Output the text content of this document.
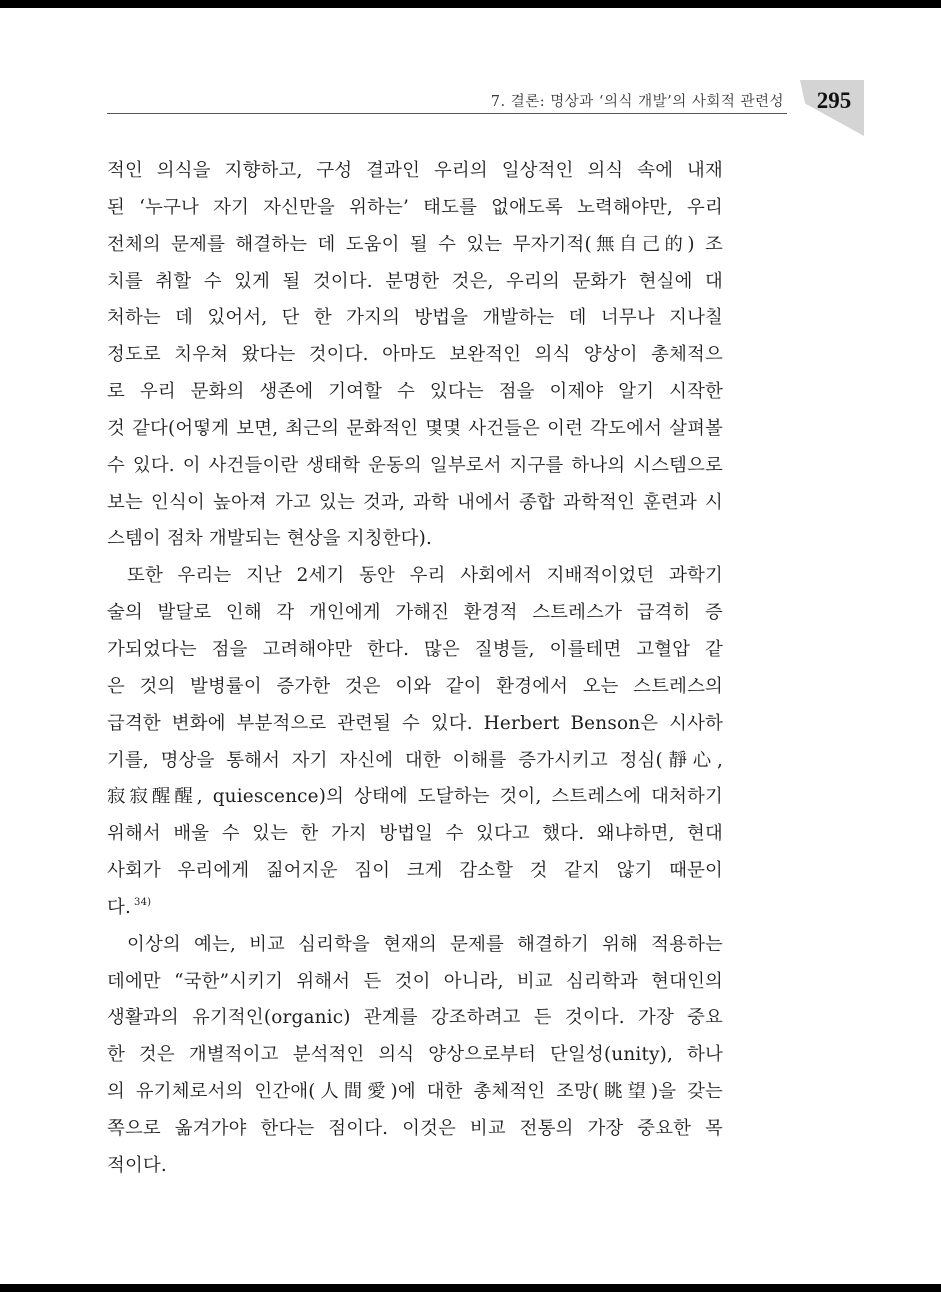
7. 결론: 명상과 ‘의식 개발’의 사회적 관련성	295
적인 의식을 지향하고, 구성 결과인 우리의 일상적인 의식 속에 내재
된 ‘누구나 자기 자신만을 위하는’ 태도를 없애도록 노력해야만, 우리
전체의 문제를 해결하는 데 도움이 될 수 있는 무자기적(無自己的) 조
치를 취할 수 있게 될 것이다. 분명한 것은, 우리의 문화가 현실에 대
처하는 데 있어서, 단 한 가지의 방법을 개발하는 데 너무나 지나칠
정도로 치우쳐 왔다는 것이다. 아마도 보완적인 의식 양상이 총체적으
로 우리 문화의 생존에 기여할 수 있다는 점을 이제야 알기 시작한
것 같다(어떻게 보면, 최근의 문화적인 몇몇 사건들은 이런 각도에서 살펴볼
수 있다. 이 사건들이란 생태학 운동의 일부로서 지구를 하나의 시스템으로
보는 인식이 높아져 가고 있는 것과, 과학 내에서 종합 과학적인 훈련과 시
스템이 점차 개발되는 현상을 지칭한다).
또한 우리는 지난 2세기 동안 우리 사회에서 지배적이었던 과학기
술의 발달로 인해 각 개인에게 가해진 환경적 스트레스가 급격히 증
가되었다는 점을 고려해야만 한다. 많은 질병들, 이를테면 고혈압 같
은 것의 발병률이 증가한 것은 이와 같이 환경에서 오는 스트레스의
급격한 변화에 부분적으로 관련될 수 있다. Herbert Benson은 시사하
기를, 명상을 통해서 자기 자신에 대한 이해를 증가시키고 정심(靜心,
寂寂醒醒, quiescence)의 상태에 도달하는 것이, 스트레스에 대처하기
위해서 배울 수 있는 한 가지 방법일 수 있다고 했다. 왜냐하면, 현대
사회가 우리에게 짊어지운 짐이 크게 감소할 것 같지 않기 때문이
다. $^{34)}$
이상의 예는, 비교 심리학을 현재의 문제를 해결하기 위해 적용하는
데에만 “국한”시키기 위해서 든 것이 아니라, 비교 심리학과 현대인의
생활과의 유기적인(organic) 관계를 강조하려고 든 것이다. 가장 중요
한 것은 개별적이고 분석적인 의식 양상으로부터 단일성(unity), 하나
의 유기체로서의 인간애(人間愛)에 대한 총체적인 조망(眺望)을 갖는
쪽으로 옮겨가야 한다는 점이다. 이것은 비교 전통의 가장 중요한 목
적이다.
